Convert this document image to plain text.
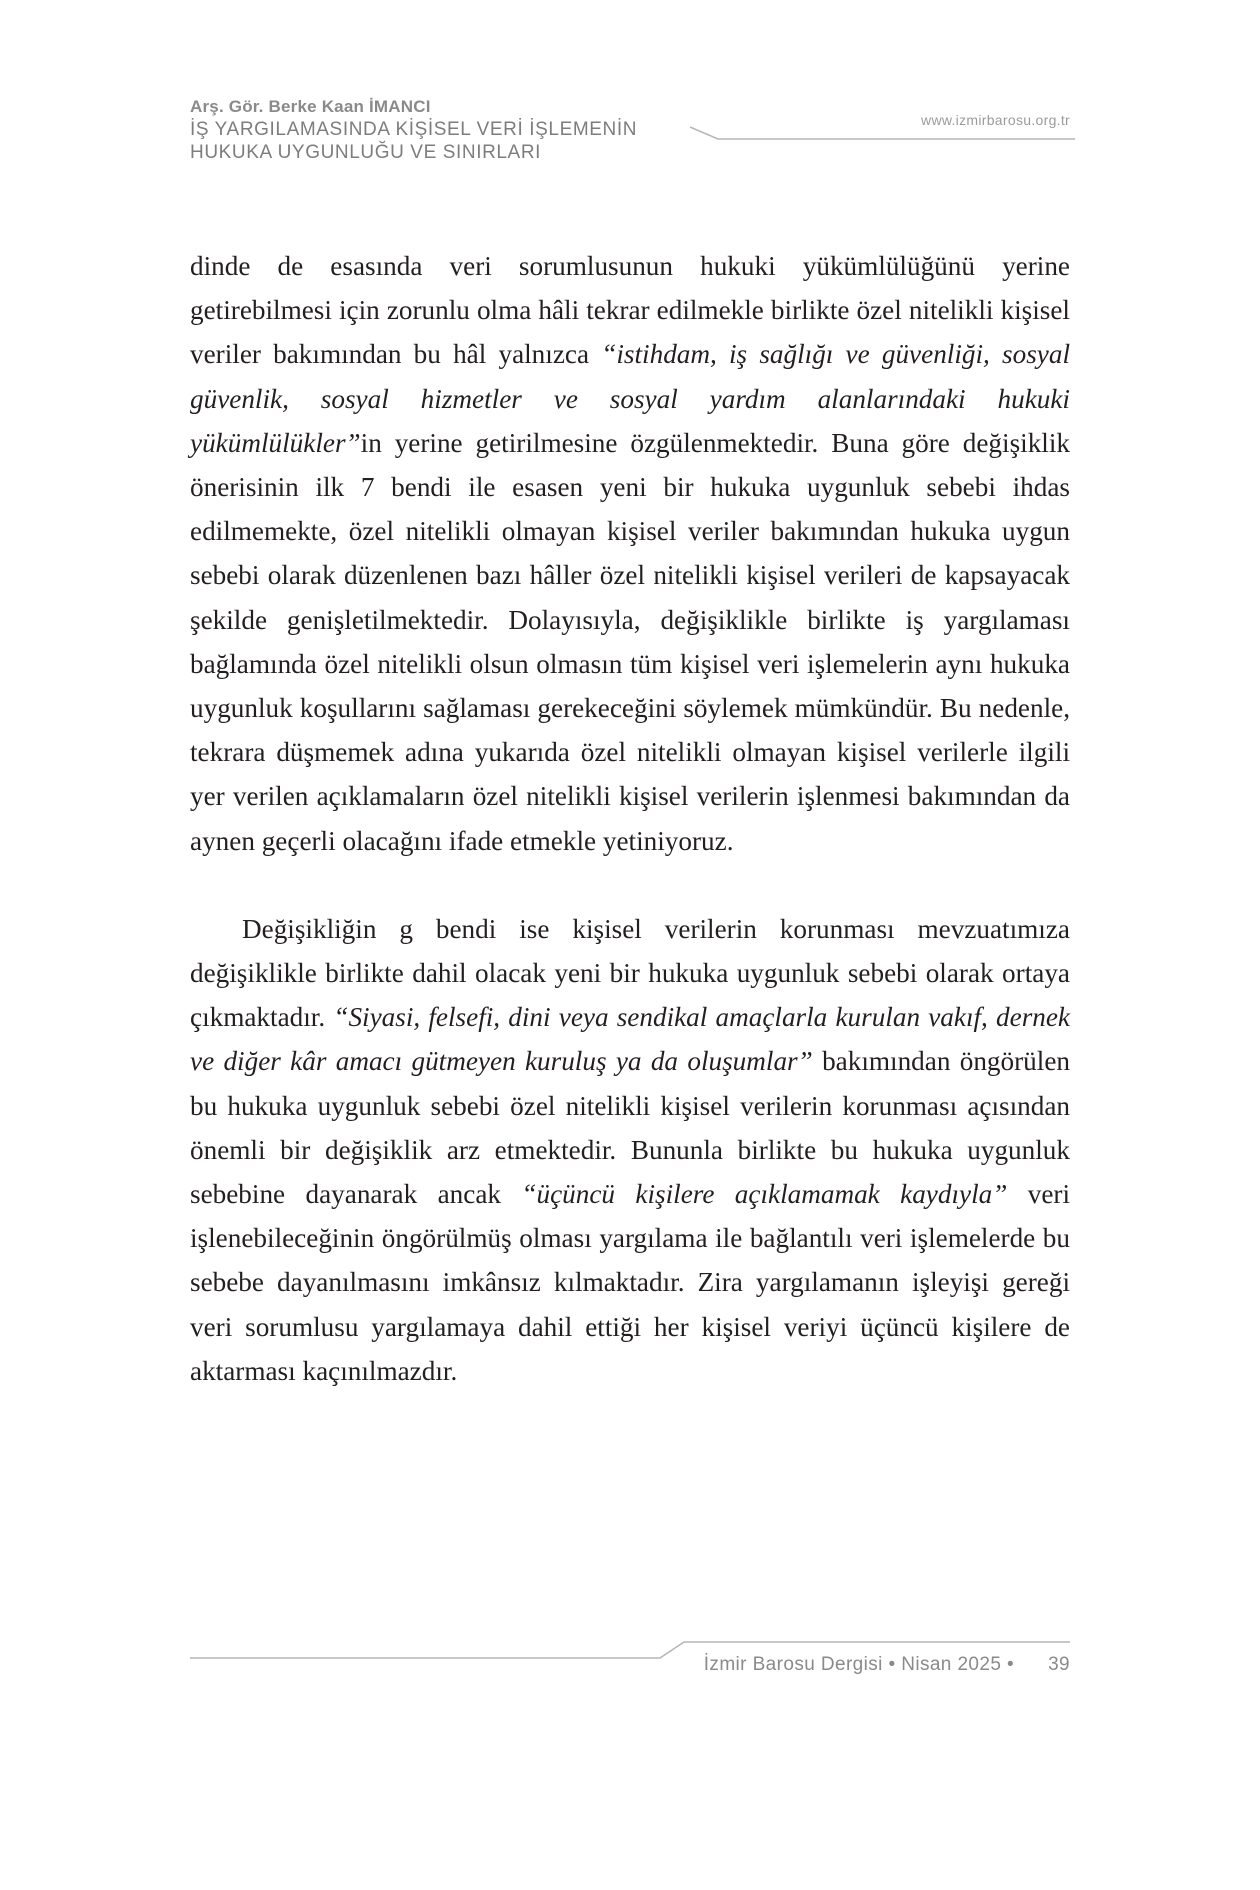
Arş. Gör. Berke Kaan İMANCI
İŞ YARGILAMASINDA KİŞİSEL VERİ İŞLEMENİN
HUKUKA UYGUNLUĞU VE SINIRLARI
www.izmirbarosu.org.tr

dinde de esasında veri sorumlusunun hukuki yükümlülüğünü yerine getirebilmesi için zorunlu olma hâli tekrar edilmekle birlikte özel nitelikli kişisel veriler bakımından bu hâl yalnızca “istihdam, iş sağlığı ve güvenliği, sosyal güvenlik, sosyal hizmetler ve sosyal yardım alanlarındaki hukuki yükümlülükler”in yerine getirilmesine özgülenmektedir. Buna göre değişiklik önerisinin ilk 7 bendi ile esasen yeni bir hukuka uygunluk sebebi ihdas edilmemekte, özel nitelikli olmayan kişisel veriler bakımından hukuka uygun sebebi olarak düzenlenen bazı hâller özel nitelikli kişisel verileri de kapsayacak şekilde genişletilmektedir. Dolayısıyla, değişiklikle birlikte iş yargılaması bağlamında özel nitelikli olsun olmasın tüm kişisel veri işlemelerin aynı hukuka uygunluk koşullarını sağlaması gerekeceğini söylemek mümkündür. Bu nedenle, tekrara düşmemek adına yukarıda özel nitelikli olmayan kişisel verilerle ilgili yer verilen açıklamaların özel nitelikli kişisel verilerin işlenmesi bakımından da aynen geçerli olacağını ifade etmekle yetiniyoruz.

Değişikliğin g bendi ise kişisel verilerin korunması mevzuatımıza değişiklikle birlikte dahil olacak yeni bir hukuka uygunluk sebebi olarak ortaya çıkmaktadır. “Siyasi, felsefi, dini veya sendikal amaçlarla kurulan vakıf, dernek ve diğer kâr amacı gütmeyen kuruluş ya da oluşumlar” bakımından öngörülen bu hukuka uygunluk sebebi özel nitelikli kişisel verilerin korunması açısından önemli bir değişiklik arz etmektedir. Bununla birlikte bu hukuka uygunluk sebebine dayanarak ancak “üçüncü kişilere açıklamamak kaydıyla” veri işlenebileceğinin öngörülmüş olması yargılama ile bağlantılı veri işlemelerde bu sebebe dayanılmasını imkânsız kılmaktadır. Zira yargılamanın işleyişi gereği veri sorumlusu yargılamaya dahil ettiği her kişisel veriyi üçüncü kişilere de aktarması kaçınılmazdır.

İzmir Barosu Dergisi • Nisan 2025 • 39
